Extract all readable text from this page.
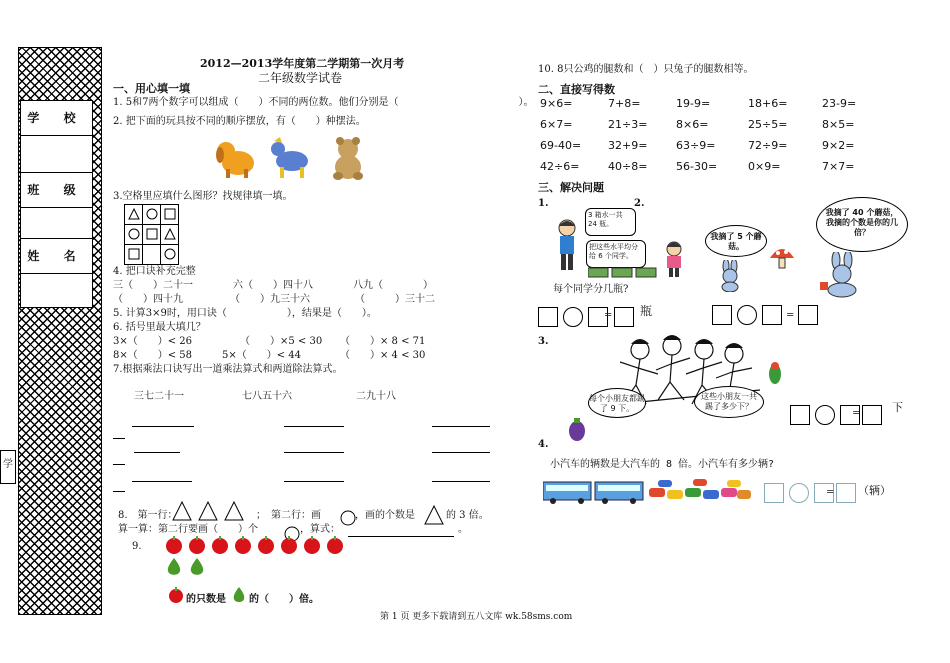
学 校
班 级
姓 名
学
2012—2013学年度第二学期第一次月考
二年级数学试卷
一、用心填一填
1. 5和7两个数字可以组成（　　）不同的两位数。他们分别是（　　　　　　　　　　　　）。
2. 把下面的玩具按不同的顺序摆放，有（　　）种摆法。
3.空格里应填什么图形？找规律填一填。

4. 把口诀补充完整
三（　　）二十一	六（　　）四十八	八九（　　　　）
（　　）四十九	（　　）九三十六	（　　　）三十二
5. 计算3×9时，用口诀（　　　　　　），结果是（　　）。
6. 括号里最大填几？
3×（　　）< 26	（　　）×5 < 30 （　　）× 8 < 71
8×（　　）< 58	5×（　　）< 44	（　　）× 4 < 30
7.根据乘法口诀写出一道乘法算式和两道除法算式。
三七二十一	七八五十六	二九十八
8.　第一行：	；　第二行：画	，画的个数是	的 3 倍。
算一算：第二行要画（　　）个	，算式：	。
9.
的只数是 的（　　）倍。
10. 8只公鸡的腿数和（　）只兔子的腿数相等。
二、直接写得数
9×6=	7+8=	19-9=	18+6=	23-9=
6×7=	21÷3=	8×6=	25÷5=	8×5=
69-40= 32+9=	63÷9=	72÷9=	9×2=
42÷6=	40÷8=	56-30=	0×9=	7×7=
三、解决问题
1.	2.
3 箱水一共 24 瓶。
把这些水平均分给 6 个同学。
每个同学分几瓶?
我摘了 5 个蘑菇。
我摘了 40 个蘑菇，我摘的个数是你的几倍？
= 瓶	=
3.
每个小朋友都踢了 9 下。
这些小朋友一共踢了多少下？
=	下
4.
小汽车的辆数是大汽车的 8 倍。小汽车有多少辆?
= （辆）
第 1 页 更多下载请到五八文库 wk.58sms.com
